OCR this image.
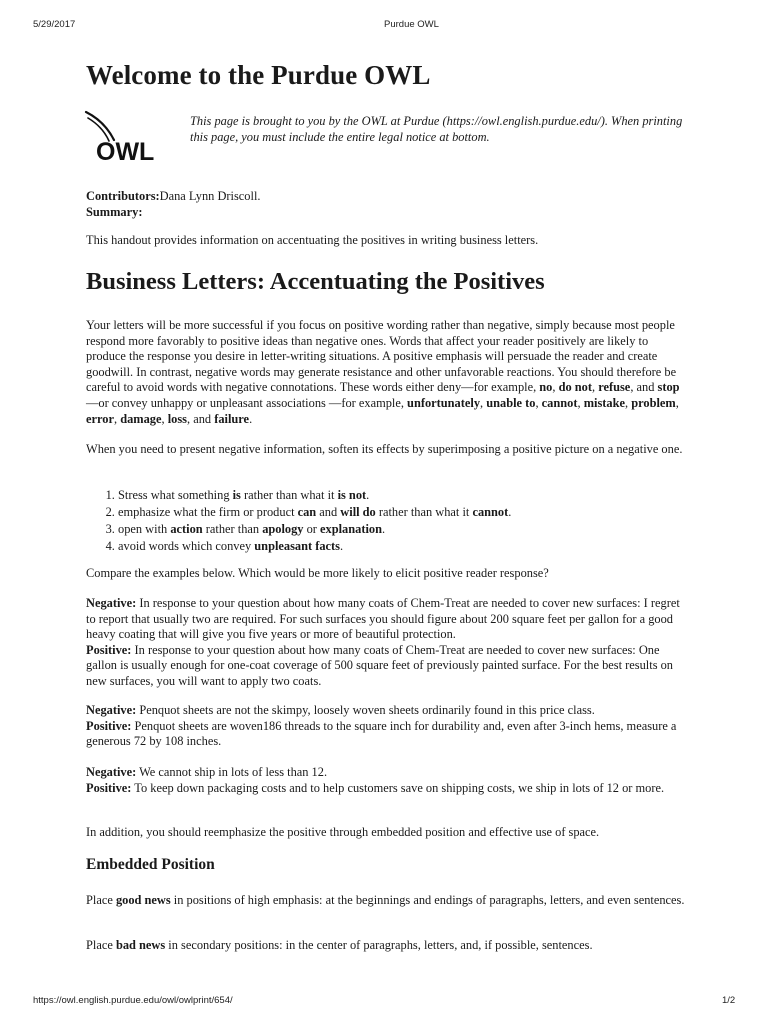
5/29/2017	Purdue OWL
Welcome to the Purdue OWL
OWL
This page is brought to you by the OWL at Purdue (https://owl.english.purdue.edu/). When printing this page, you must include the entire legal notice at bottom.
Contributors:Dana Lynn Driscoll.
Summary:
This handout provides information on accentuating the positives in writing business letters.
Business Letters: Accentuating the Positives
Your letters will be more successful if you focus on positive wording rather than negative, simply because most people respond more favorably to positive ideas than negative ones. Words that affect your reader positively are likely to produce the response you desire in letter-writing situations. A positive emphasis will persuade the reader and create goodwill. In contrast, negative words may generate resistance and other unfavorable reactions. You should therefore be careful to avoid words with negative connotations. These words either deny—for example, no, do not, refuse, and stop—or convey unhappy or unpleasant associations —for example, unfortunately, unable to, cannot, mistake, problem, error, damage, loss, and failure.
When you need to present negative information, soften its effects by superimposing a positive picture on a negative one.
1. Stress what something is rather than what it is not.
2. emphasize what the firm or product can and will do rather than what it cannot.
3. open with action rather than apology or explanation.
4. avoid words which convey unpleasant facts.
Compare the examples below. Which would be more likely to elicit positive reader response?
Negative: In response to your question about how many coats of Chem-Treat are needed to cover new surfaces: I regret to report that usually two are required. For such surfaces you should figure about 200 square feet per gallon for a good heavy coating that will give you five years or more of beautiful protection.
Positive: In response to your question about how many coats of Chem-Treat are needed to cover new surfaces: One gallon is usually enough for one-coat coverage of 500 square feet of previously painted surface. For the best results on new surfaces, you will want to apply two coats.
Negative: Penquot sheets are not the skimpy, loosely woven sheets ordinarily found in this price class.
Positive: Penquot sheets are woven186 threads to the square inch for durability and, even after 3-inch hems, measure a generous 72 by 108 inches.
Negative: We cannot ship in lots of less than 12.
Positive: To keep down packaging costs and to help customers save on shipping costs, we ship in lots of 12 or more.
In addition, you should reemphasize the positive through embedded position and effective use of space.
Embedded Position
Place good news in positions of high emphasis: at the beginnings and endings of paragraphs, letters, and even sentences.
Place bad news in secondary positions: in the center of paragraphs, letters, and, if possible, sentences.
https://owl.english.purdue.edu/owl/owlprint/654/	1/2
